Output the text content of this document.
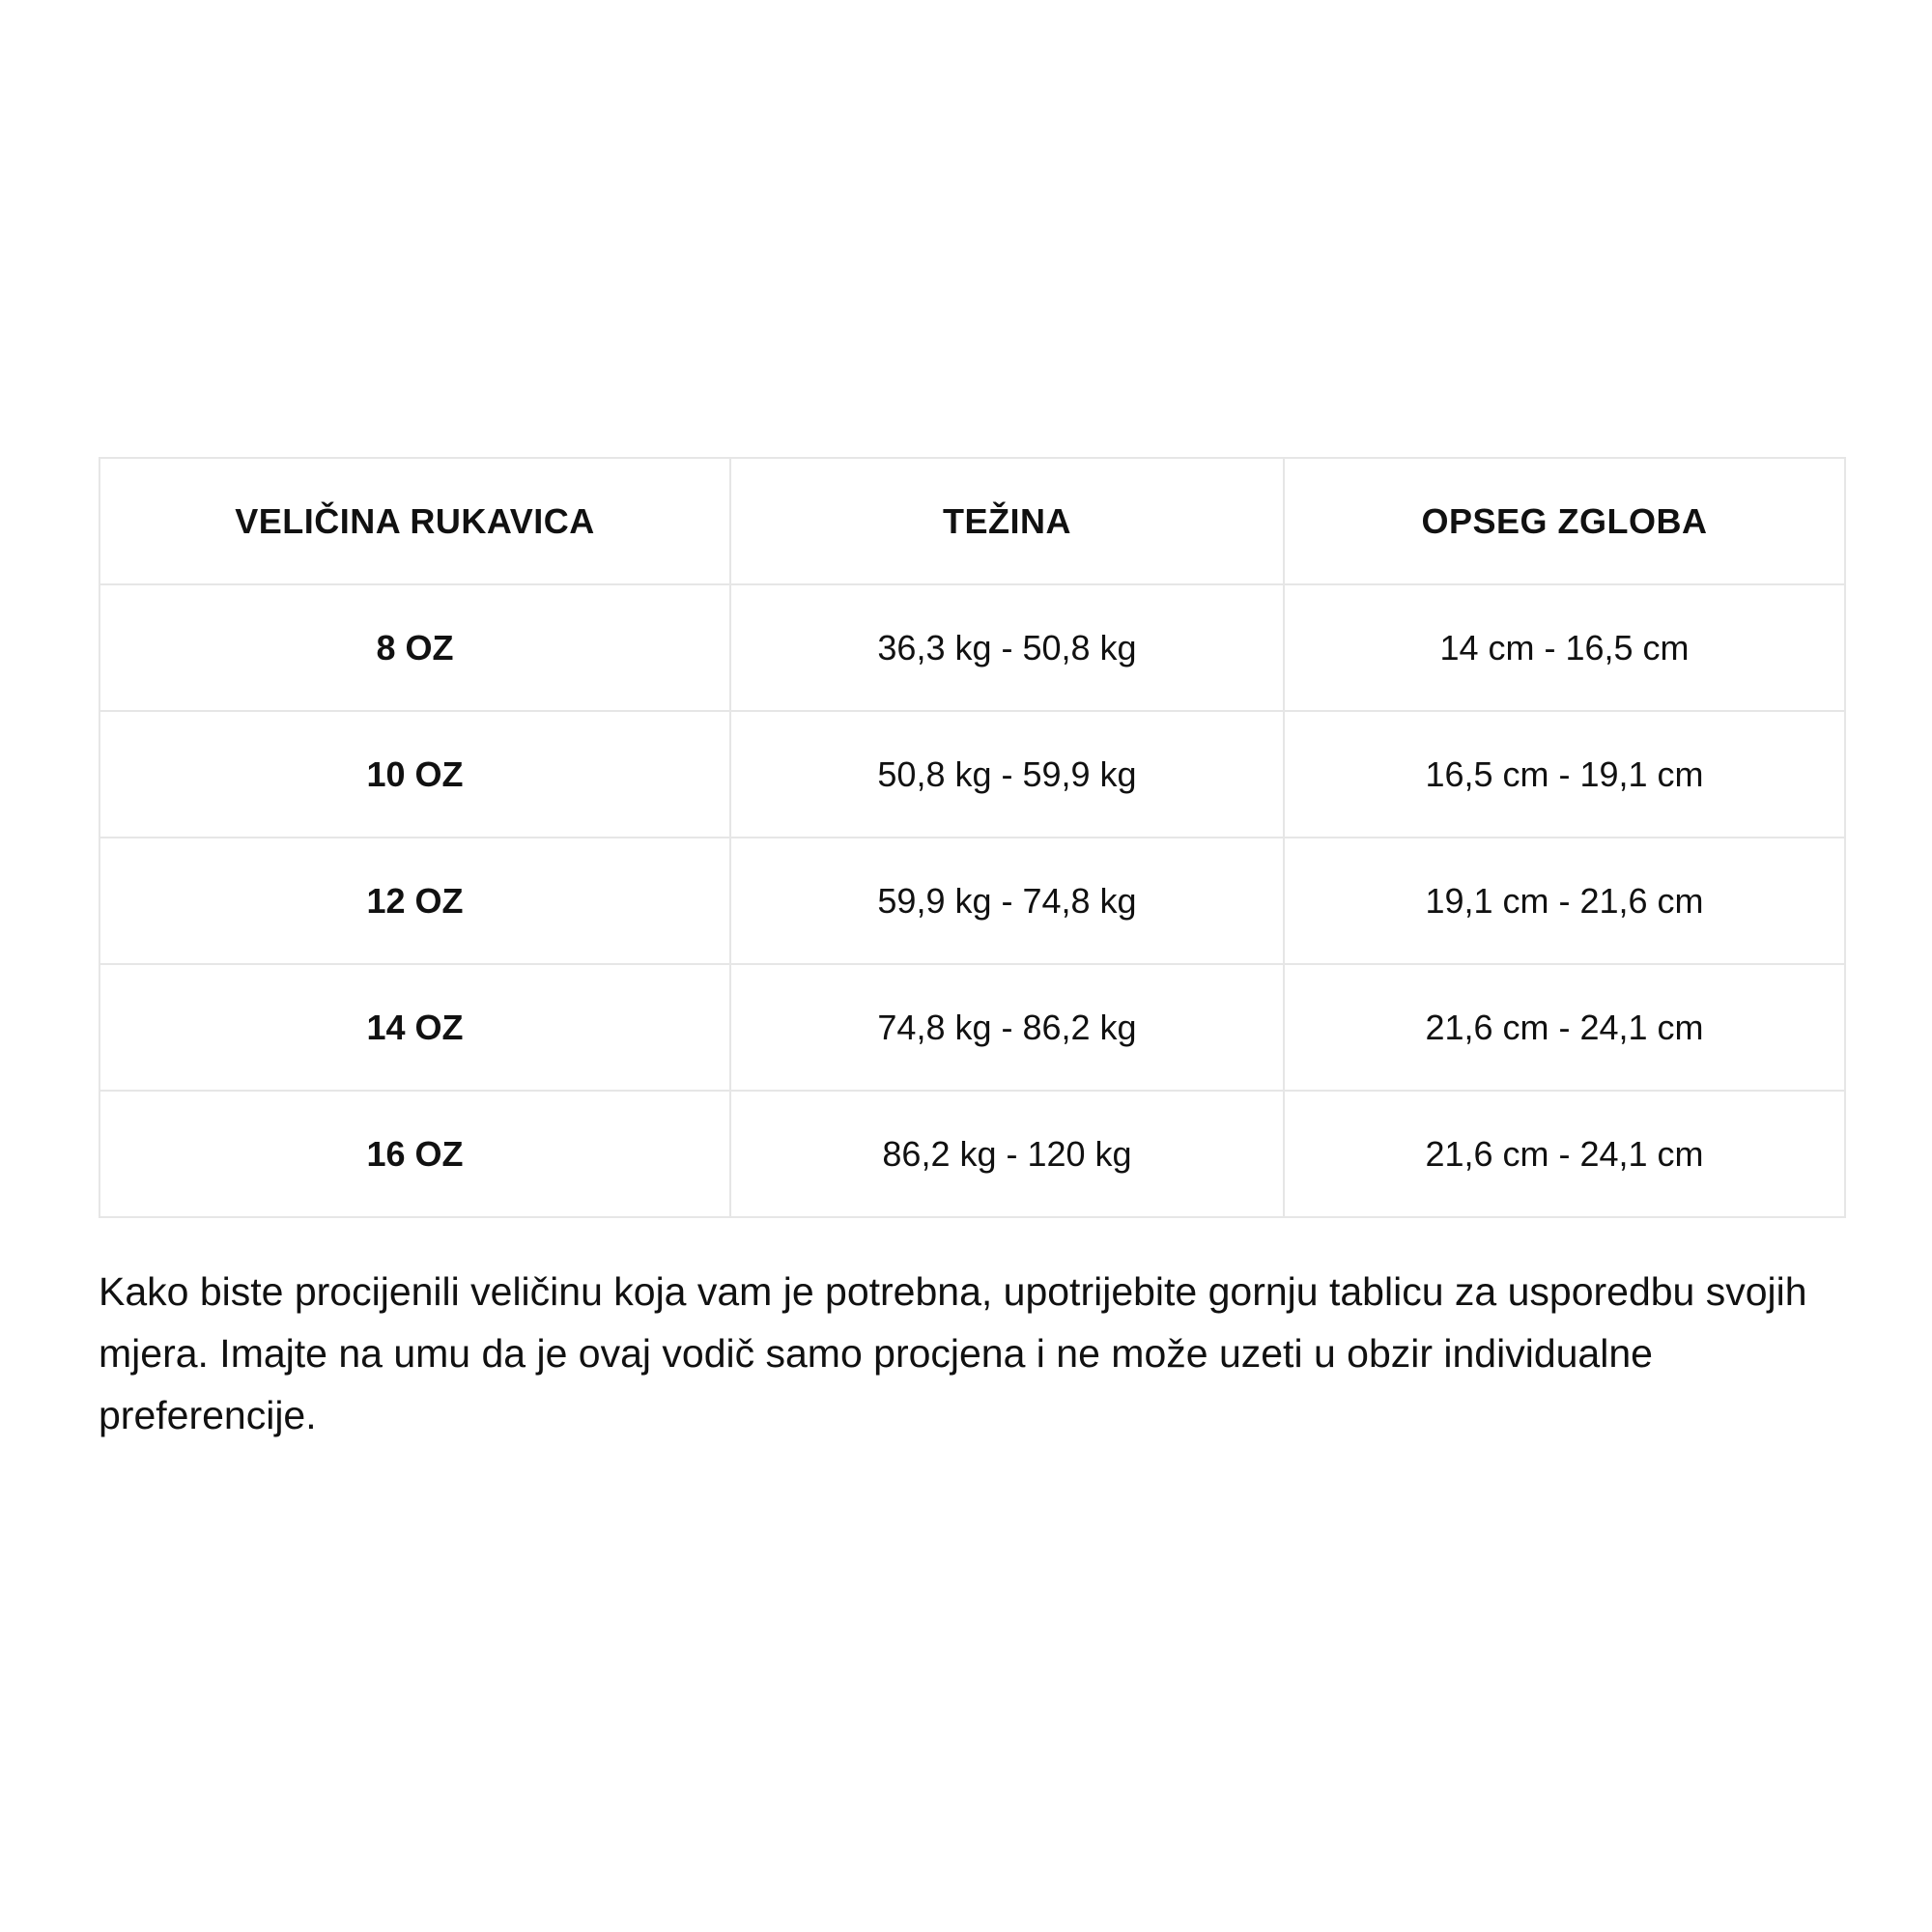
VELIČINA RUKAVICA	TEŽINA	OPSEG ZGLOBA
8 OZ	36,3 kg - 50,8 kg	14 cm - 16,5 cm
10 OZ	50,8 kg - 59,9 kg	16,5 cm - 19,1 cm
12 OZ	59,9 kg - 74,8 kg	19,1 cm - 21,6 cm
14 OZ	74,8 kg - 86,2 kg	21,6 cm - 24,1 cm
16 OZ	86,2 kg - 120 kg	21,6 cm - 24,1 cm

Kako biste procijenili veličinu koja vam je potrebna, upotrijebite gornju tablicu za usporedbu svojih mjera. Imajte na umu da je ovaj vodič samo procjena i ne može uzeti u obzir individualne preferencije.
